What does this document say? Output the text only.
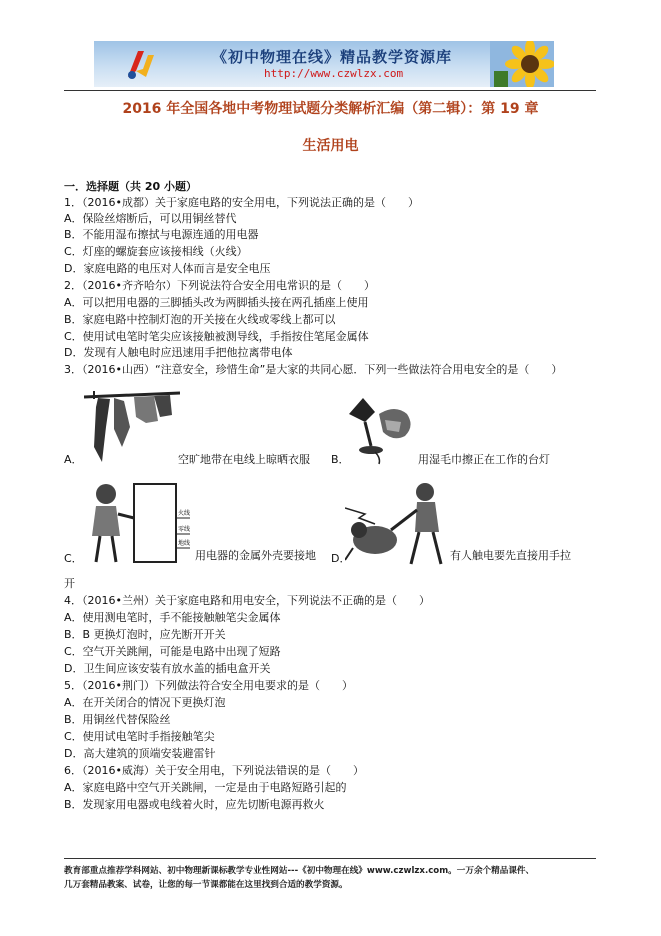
《初中物理在线》精品教学资源库
http://www.czwlzx.com
2016 年全国各地中考物理试题分类解析汇编（第二辑）：第 19 章
生活用电
一．选择题（共 20 小题）
1．（2016•成都）关于家庭电路的安全用电，下列说法正确的是（　　）
A．保险丝熔断后，可以用铜丝替代
B．不能用湿布擦拭与电源连通的用电器
C．灯座的螺旋套应该接相线（火线）
D．家庭电路的电压对人体而言是安全电压
2．（2016•齐齐哈尔）下列说法符合安全用电常识的是（　　）
A．可以把用电器的三脚插头改为两脚插头接在两孔插座上使用
B．家庭电路中控制灯泡的开关接在火线或零线上都可以
C．使用试电笔时笔尖应该接触被测导线，手指按住笔尾金属体
D．发现有人触电时应迅速用手把他拉离带电体
3．（2016•山西）“注意安全，珍惜生命”是大家的共同心愿．下列一些做法符合用电安全的是（　　）
A．	空旷地带在电线上晾晒衣服 B．	用湿毛巾擦正在工作的台灯
火线
零线
地线
C．	用电器的金属外壳要接地 D．	有人触电要先直接用手拉
开
4．（2016•兰州）关于家庭电路和用电安全，下列说法不正确的是（　　）
A．使用测电笔时，手不能接触触笔尖金属体
B．B 更换灯泡时，应先断开开关
C．空气开关跳闸，可能是电路中出现了短路
D．卫生间应该安装有放水盖的插电盒开关
5．（2016•荆门）下列做法符合安全用电要求的是（　　）
A．在开关闭合的情况下更换灯泡
B．用铜丝代替保险丝
C．使用试电笔时手指接触笔尖
D．高大建筑的顶端安装避雷针
6．（2016•威海）关于安全用电，下列说法错误的是（　　）
A．家庭电路中空气开关跳闸，一定是由于电路短路引起的
B．发现家用电器或电线着火时，应先切断电源再救火
教育部重点推荐学科网站、初中物理新课标教学专业性网站---《初中物理在线》www.czwlzx.com。一万余个精品课件、
几万套精品教案、试卷，让您的每一节课都能在这里找到合适的教学资源。
